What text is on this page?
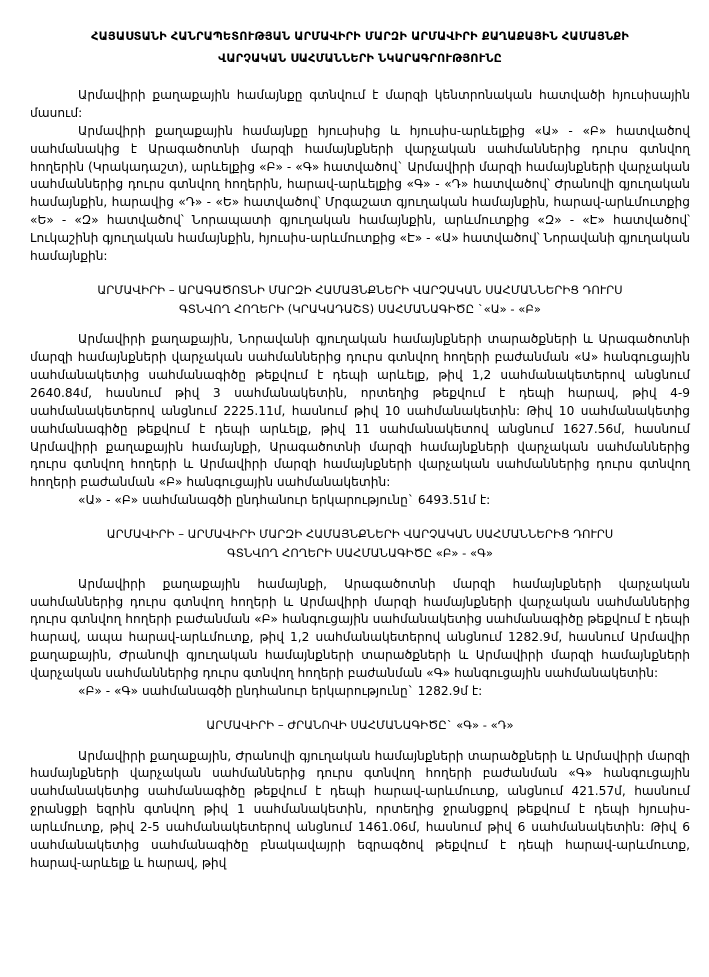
ՀԱՅԱՍՏԱՆԻ ՀԱՆՐԱՊԵՏՈՒԹՅԱՆ ԱՐՄԱՎԻՐԻ ՄԱՐԶԻ ԱՐՄԱՎԻՐԻ ՔԱՂԱՔԱՅԻՆ ՀԱՄԱՅՆՔԻ
ՎԱՐՉԱԿԱՆ ՍԱՀՄԱՆՆԵՐԻ ՆԿԱՐԱԳՐՈՒԹՅՈՒՆԸ

Արմավիրի քաղաքային համայնքը գտնվում է մարզի կենտրոնական հատվածի հյուսիսային մասում:

Արմավիրի քաղաքային համայնքը հյուսիսից և հյուսիս-արևելքից «Ա» - «Բ» հատվածով սահմանակից է Արագածոտնի մարզի համայնքների վարչական սահմաններից դուրս գտնվող հողերին (Կրակադաշտ), արևելքից «Բ» - «Գ» հատվածով` Արմավիրի մարզի համայնքների վարչական սահմաններից դուրս գտնվող հողերին, հարավ-արևելքից «Գ» - «Դ» հատվածով՝ Ժրանովի գյուղական համայնքին, հարավից «Դ» - «Ե» հատվածով՝ Մրգաշատ գյուղական համայնքին, հարավ-արևմուտքից «Ե» - «Զ» հատվածով՝ Նորապատի գյուղական համայնքին, արևմուտքից «Զ» - «Է» հատվածով՝ Լուկաշինի գյուղական համայնքին, հյուսիս-արևմուտքից «Է» - «Ա» հատվածով՝ Նորավանի գյուղական համայնքին:

ԱՐՄԱՎԻՐԻ – ԱՐԱԳԱԾՈՏՆԻ ՄԱՐԶԻ ՀԱՄԱՅՆՔՆԵՐԻ ՎԱՐՉԱԿԱՆ ՍԱՀՄԱՆՆԵՐԻՑ ԴՈՒՐՍ
ԳՏՆՎՈՂ ՀՈՂԵՐԻ (ԿՐԱԿԱԴԱՇՏ) ՍԱՀՄԱՆԱԳԻԾԸ `«Ա» - «Բ»

Արմավիրի քաղաքային, Նորավանի գյուղական համայնքների տարածքների և Արագածոտնի մարզի համայնքների վարչական սահմաններից դուրս գտնվող հողերի բաժանման «Ա» հանգուցային սահմանակետից սահմանագիծը թեքվում է դեպի արևելք, թիվ 1,2 սահմանակետերով անցնում 2640.84մ, հասնում թիվ 3 սահմանակետին, որտեղից թեքվում է դեպի հարավ, թիվ 4-9 սահմանակետերով անցնում 2225.11մ, հասնում թիվ 10 սահմանակետին: Թիվ 10 սահմանակետից սահմանագիծը թեքվում է դեպի արևելք, թիվ 11 սահմանակետով անցնում 1627.56մ, հասնում Արմավիրի քաղաքային համայնքի, Արագածոտնի մարզի համայնքների վարչական սահմաններից դուրս գտնվող հողերի և Արմավիրի մարզի համայնքների վարչական սահմաններից դուրս գտնվող հողերի բաժանման «Բ» հանգուցային սահմանակետին:

«Ա» - «Բ» սահմանագծի ընդհանուր երկարությունը` 6493.51մ է:

ԱՐՄԱՎԻՐԻ – ԱՐՄԱՎԻՐԻ ՄԱՐԶԻ ՀԱՄԱՅՆՔՆԵՐԻ ՎԱՐՉԱԿԱՆ ՍԱՀՄԱՆՆԵՐԻՑ ԴՈՒՐՍ
ԳՏՆՎՈՂ ՀՈՂԵՐԻ ՍԱՀՄԱՆԱԳԻԾԸ «Բ» - «Գ»

Արմավիրի քաղաքային համայնքի, Արագածոտնի մարզի համայնքների վարչական սահմաններից դուրս գտնվող հողերի և Արմավիրի մարզի համայնքների վարչական սահմաններից դուրս գտնվող հողերի բաժանման «Բ» հանգուցային սահմանակետից սահմանագիծը թեքվում է դեպի հարավ, ապա հարավ-արևմուտք, թիվ 1,2 սահմանակետերով անցնում 1282.9մ, հասնում Արմավիր քաղաքային, Ժրանովի գյուղական համայնքների տարածքների և Արմավիրի մարզի համայնքների վարչական սահմաններից դուրս գտնվող հողերի բաժանման «Գ» հանգուցային սահմանակետին:

«Բ» - «Գ» սահմանագծի ընդհանուր երկարությունը` 1282.9մ է:

ԱՐՄԱՎԻՐԻ – ԺՐԱՆՈՎԻ ՍԱՀՄԱՆԱԳԻԾԸ` «Գ» - «Դ»

Արմավիրի քաղաքային, Ժրանովի գյուղական համայնքների տարածքների և Արմավիրի մարզի համայնքների վարչական սահմաններից դուրս գտնվող հողերի բաժանման «Գ» հանգուցային սահմանակետից սահմանագիծը թեքվում է դեպի հարավ-արևմուտք, անցնում 421.57մ, հասնում ջրանցքի եզրին գտնվող թիվ 1 սահմանակետին, որտեղից ջրանցքով թեքվում է դեպի հյուսիս-արևմուտք, թիվ 2-5 սահմանակետերով անցնում 1461.06մ, հասնում թիվ 6 սահմանակետին: Թիվ 6 սահմանակետից սահմանագիծը բնակավայրի եզրագծով թեքվում է դեպի հարավ-արևմուտք, հարավ-արևելք և հարավ, թիվ
